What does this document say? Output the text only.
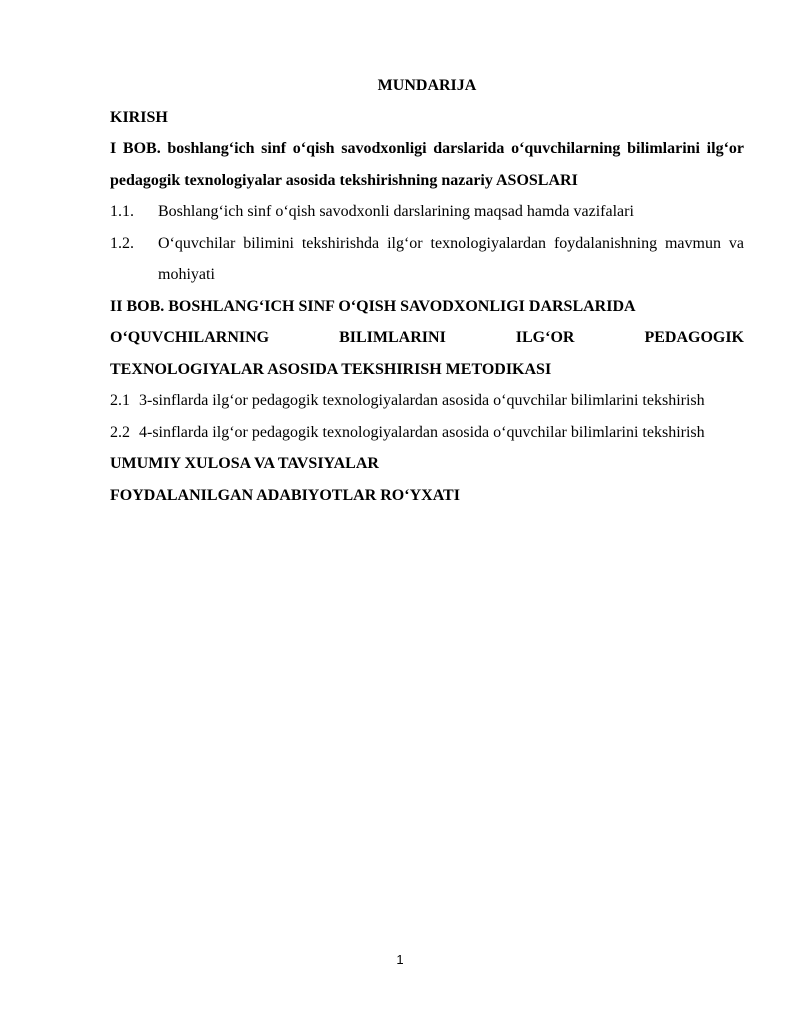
MUNDARIJA
KIRISH
I BOB. boshlang‘ich sinf o‘qish savodxonligi darslarida o‘quvchilarning bilimlarini ilg‘or pedagogik texnologiyalar asosida tekshirishning nazariy ASOSLARI
1.1.	Boshlang‘ich sinf o‘qish savodxonli darslarining maqsad hamda vazifalari
1.2.	O‘quvchilar bilimini tekshirishda ilg‘or texnologiyalardan foydalanishning mavmun va mohiyati
II BOB. BOSHLANG‘ICH SINF O‘QISH SAVODXONLIGI DARSLARIDA
O‘QUVCHILARNING	BILIMLARINI	ILG‘OR	PEDAGOGIK
TEXNOLOGIYALAR ASOSIDA TEKSHIRISH METODIKASI
2.1 3-sinflarda ilg‘or pedagogik texnologiyalardan asosida o‘quvchilar bilimlarini tekshirish
2.2 4-sinflarda ilg‘or pedagogik texnologiyalardan asosida o‘quvchilar bilimlarini tekshirish
UMUMIY XULOSA VA TAVSIYALAR
FOYDALANILGAN ADABIYOTLAR RO‘YXATI
1
